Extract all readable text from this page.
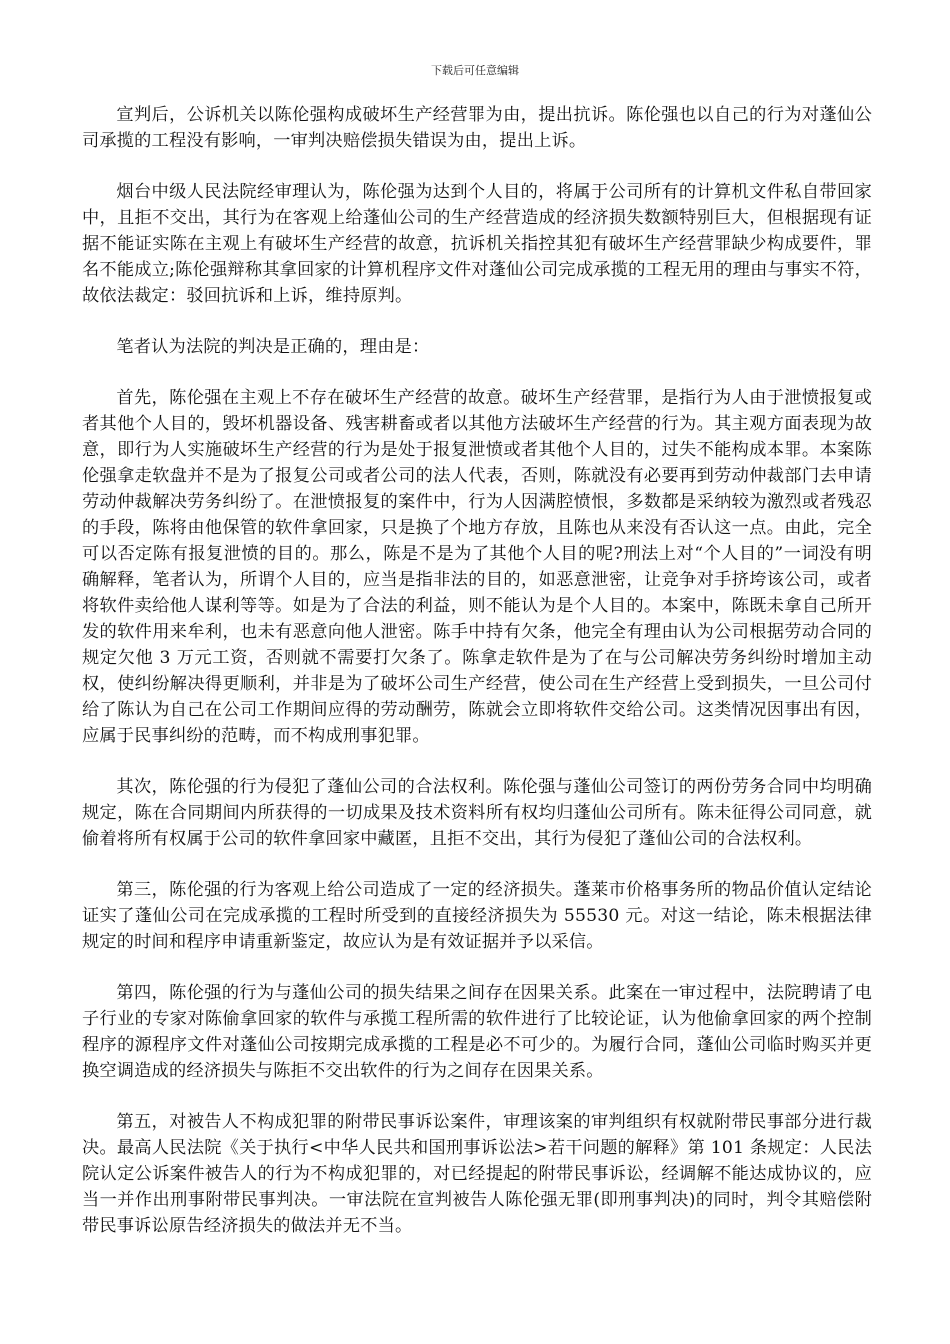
下载后可任意编辑

宣判后，公诉机关以陈伦强构成破坏生产经营罪为由，提出抗诉。陈伦强也以自己的行为对蓬仙公司承揽的工程没有影响，一审判决赔偿损失错误为由，提出上诉。

烟台中级人民法院经审理认为，陈伦强为达到个人目的，将属于公司所有的计算机文件私自带回家中，且拒不交出，其行为在客观上给蓬仙公司的生产经营造成的经济损失数额特别巨大，但根据现有证据不能证实陈在主观上有破坏生产经营的故意，抗诉机关指控其犯有破坏生产经营罪缺少构成要件，罪名不能成立;陈伦强辩称其拿回家的计算机程序文件对蓬仙公司完成承揽的工程无用的理由与事实不符，故依法裁定：驳回抗诉和上诉，维持原判。

笔者认为法院的判决是正确的，理由是：

首先，陈伦强在主观上不存在破坏生产经营的故意。破坏生产经营罪，是指行为人由于泄愤报复或者其他个人目的，毁坏机器设备、残害耕畜或者以其他方法破坏生产经营的行为。其主观方面表现为故意，即行为人实施破坏生产经营的行为是处于报复泄愤或者其他个人目的，过失不能构成本罪。本案陈伦强拿走软盘并不是为了报复公司或者公司的法人代表，否则，陈就没有必要再到劳动仲裁部门去申请劳动仲裁解决劳务纠纷了。在泄愤报复的案件中，行为人因满腔愤恨，多数都是采纳较为激烈或者残忍的手段，陈将由他保管的软件拿回家，只是换了个地方存放，且陈也从来没有否认这一点。由此，完全可以否定陈有报复泄愤的目的。那么，陈是不是为了其他个人目的呢?刑法上对“个人目的”一词没有明确解释，笔者认为，所谓个人目的，应当是指非法的目的，如恶意泄密，让竞争对手挤垮该公司，或者将软件卖给他人谋利等等。如是为了合法的利益，则不能认为是个人目的。本案中，陈既未拿自己所开发的软件用来牟利，也未有恶意向他人泄密。陈手中持有欠条，他完全有理由认为公司根据劳动合同的规定欠他 3 万元工资，否则就不需要打欠条了。陈拿走软件是为了在与公司解决劳务纠纷时增加主动权，使纠纷解决得更顺利，并非是为了破坏公司生产经营，使公司在生产经营上受到损失，一旦公司付给了陈认为自己在公司工作期间应得的劳动酬劳，陈就会立即将软件交给公司。这类情况因事出有因，应属于民事纠纷的范畴，而不构成刑事犯罪。

其次，陈伦强的行为侵犯了蓬仙公司的合法权利。陈伦强与蓬仙公司签订的两份劳务合同中均明确规定，陈在合同期间内所获得的一切成果及技术资料所有权均归蓬仙公司所有。陈未征得公司同意，就偷着将所有权属于公司的软件拿回家中藏匿，且拒不交出，其行为侵犯了蓬仙公司的合法权利。

第三，陈伦强的行为客观上给公司造成了一定的经济损失。蓬莱市价格事务所的物品价值认定结论证实了蓬仙公司在完成承揽的工程时所受到的直接经济损失为 55530 元。对这一结论，陈未根据法律规定的时间和程序申请重新鉴定，故应认为是有效证据并予以采信。

第四，陈伦强的行为与蓬仙公司的损失结果之间存在因果关系。此案在一审过程中，法院聘请了电子行业的专家对陈偷拿回家的软件与承揽工程所需的软件进行了比较论证，认为他偷拿回家的两个控制程序的源程序文件对蓬仙公司按期完成承揽的工程是必不可少的。为履行合同，蓬仙公司临时购买并更换空调造成的经济损失与陈拒不交出软件的行为之间存在因果关系。

第五，对被告人不构成犯罪的附带民事诉讼案件，审理该案的审判组织有权就附带民事部分进行裁决。最高人民法院《关于执行<中华人民共和国刑事诉讼法>若干问题的解释》第 101 条规定：人民法院认定公诉案件被告人的行为不构成犯罪的，对已经提起的附带民事诉讼，经调解不能达成协议的，应当一并作出刑事附带民事判决。一审法院在宣判被告人陈伦强无罪(即刑事判决)的同时，判令其赔偿附带民事诉讼原告经济损失的做法并无不当。
